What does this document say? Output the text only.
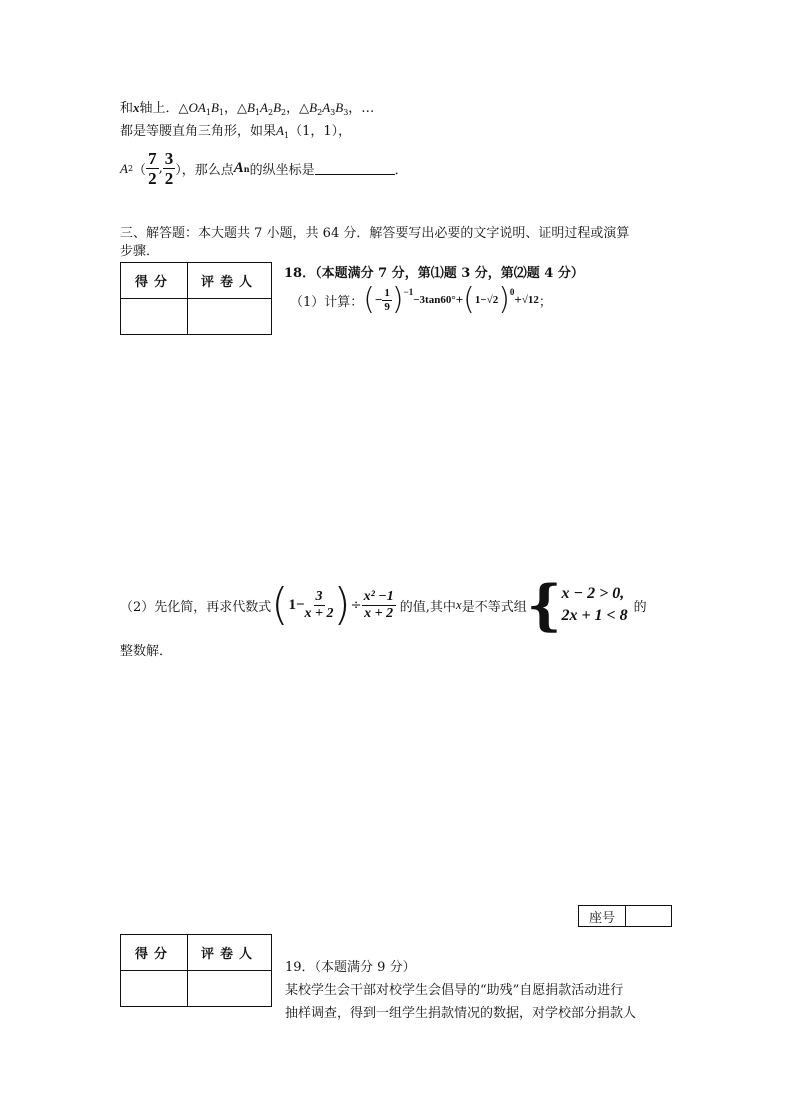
和x轴上．$\triangle OA_1B_1$，$\triangle B_1A_2B_2$，$\triangle B_2A_3B_3$，…
都是等腰直角三角形，如果$A_1(1$，1），
A 2 （ $\frac{7}{2}$ , $\frac{3}{2}$ ），那么点 A n 的纵坐标是	．
三、解答题：本大题共 7 小题，共 64 分．解答要写出必要的文字说明、证明过程或演算
步骤．
得分	评卷人

18．（本题满分 7 分，第⑴题 3 分，第⑵题 4 分）
（1）计算： ( − $\frac{1}{9}$ ) −1
−3tan60° + ( 1− √2 ) 0 + √12 ；
（2）先化简，再求代数式 ( $1- \frac{3}{x + 2}$ ) ÷ $\frac{\text{x² −1}}{x + 2}$ 的值,其中 x 是不等式组 { x − 2 > 0,
2x + 1 < 8 的
整数解．
座号
得分	评卷人

19．（本题满分 9 分）
某校学生会干部对校学生会倡导的“助残”自愿捐款活动进行
抽样调查，得到一组学生捐款情况的数据，对学校部分捐款人
